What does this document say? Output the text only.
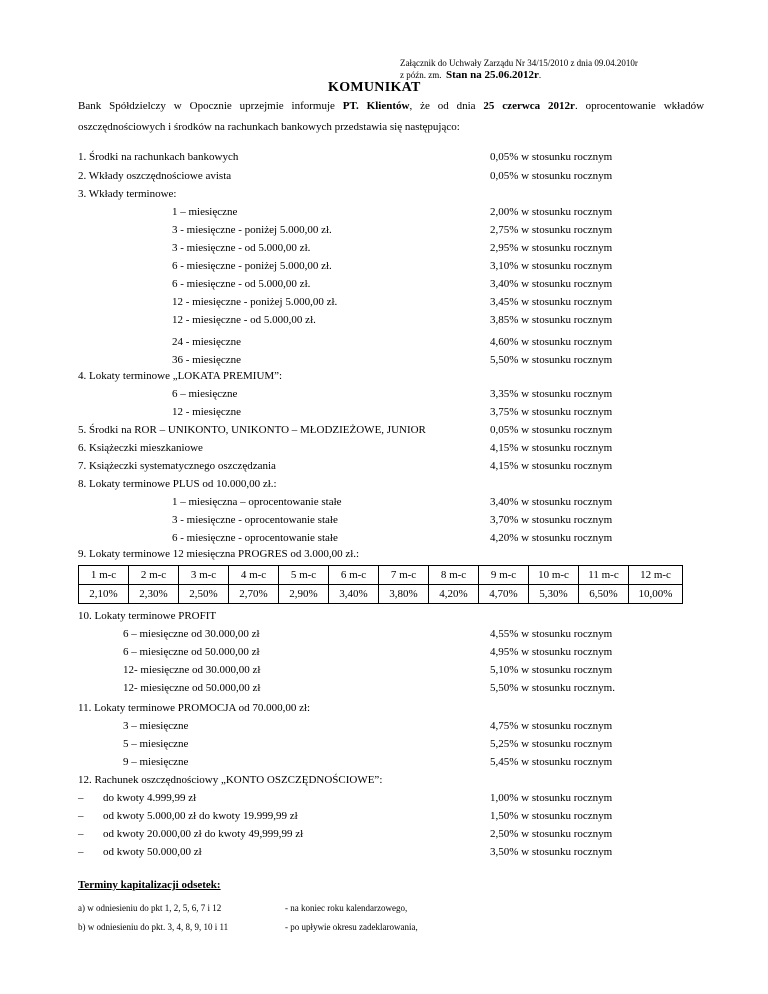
Załącznik do Uchwały Zarządu Nr 34/15/2010 z dnia 09.04.2010r
z późn. zm. Stan na 25.06.2012r.
KOMUNIKAT
Bank Spółdzielczy w Opocznie uprzejmie informuje PT. Klientów, że od dnia 25 czerwca 2012r. oprocentowanie wkładów oszczędnościowych i środków na rachunkach bankowych przedstawia się następująco:
1. Środki na rachunkach bankowych	0,05% w stosunku rocznym
2. Wkłady oszczędnościowe avista	0,05% w stosunku rocznym
3. Wkłady terminowe:
1 – miesięczne	2,00% w stosunku rocznym
3 - miesięczne - poniżej 5.000,00 zł.	2,75% w stosunku rocznym
3 - miesięczne - od 5.000,00 zł.	2,95% w stosunku rocznym
6 - miesięczne - poniżej 5.000,00 zł.	3,10% w stosunku rocznym
6 - miesięczne - od 5.000,00 zł.	3,40% w stosunku rocznym
12 - miesięczne - poniżej 5.000,00 zł.	3,45% w stosunku rocznym
12 - miesięczne - od 5.000,00 zł.	3,85% w stosunku rocznym
24 - miesięczne	4,60% w stosunku rocznym
36 - miesięczne	5,50% w stosunku rocznym
4. Lokaty terminowe „LOKATA PREMIUM”:
6 – miesięczne	3,35% w stosunku rocznym
12 - miesięczne	3,75% w stosunku rocznym
5. Środki na ROR – UNIKONTO, UNIKONTO – MŁODZIEŻOWE, JUNIOR	0,05% w stosunku rocznym
6. Książeczki mieszkaniowe	4,15% w stosunku rocznym
7. Książeczki systematycznego oszczędzania	4,15% w stosunku rocznym
8. Lokaty terminowe PLUS od 10.000,00 zł.:
1 – miesięczna – oprocentowanie stałe	3,40% w stosunku rocznym
3 - miesięczne - oprocentowanie stałe	3,70% w stosunku rocznym
6 - miesięczne - oprocentowanie stałe	4,20% w stosunku rocznym
9. Lokaty terminowe 12 miesięczna PROGRES od 3.000,00 zł.:
1 m-c	2 m-c	3 m-c	4 m-c	5 m-c	6 m-c	7 m-c	8 m-c	9 m-c	10 m-c	11 m-c	12 m-c
2,10%	2,30%	2,50%	2,70%	2,90%	3,40%	3,80%	4,20%	4,70%	5,30%	6,50%	10,00%
10. Lokaty terminowe PROFIT
6 – miesięczne od 30.000,00 zł	4,55% w stosunku rocznym
6 – miesięczne od 50.000,00 zł	4,95% w stosunku rocznym
12- miesięczne od 30.000,00 zł	5,10% w stosunku rocznym
12- miesięczne od 50.000,00 zł	5,50% w stosunku rocznym.
11. Lokaty terminowe PROMOCJA od 70.000,00 zł:
3 – miesięczne	4,75% w stosunku rocznym
5 – miesięczne	5,25% w stosunku rocznym
9 – miesięczne	5,45% w stosunku rocznym
12. Rachunek oszczędnościowy „KONTO OSZCZĘDNOŚCIOWE”:
– do kwoty 4.999,99 zł	1,00% w stosunku rocznym
– od kwoty 5.000,00 zł do kwoty 19.999,99 zł	1,50% w stosunku rocznym
– od kwoty 20.000,00 zł do kwoty 49,999,99 zł	2,50% w stosunku rocznym
– od kwoty 50.000,00 zł	3,50% w stosunku rocznym
Terminy kapitalizacji odsetek:
a) w odniesieniu do pkt 1, 2, 5, 6, 7 i 12	- na koniec roku kalendarzowego,
b) w odniesieniu do pkt. 3, 4, 8, 9, 10 i 11	- po upływie okresu zadeklarowania,
